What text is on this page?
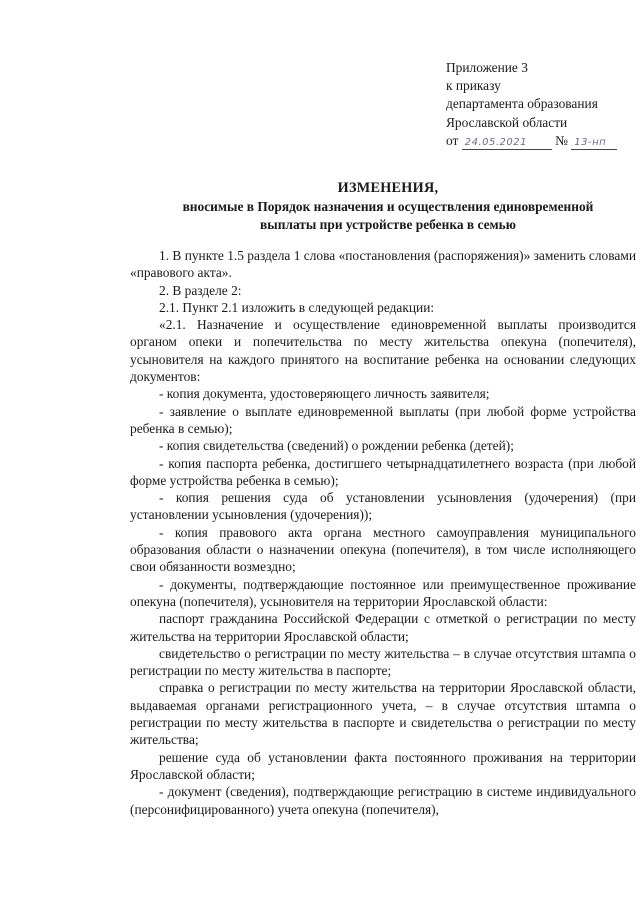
Приложение 3
к приказу
департамента образования
Ярославской области
от 24.05.2021 № 13-нп
ИЗМЕНЕНИЯ,
вносимые в Порядок назначения и осуществления единовременной
выплаты при устройстве ребенка в семью

1. В пункте 1.5 раздела 1 слова «постановления (распоряжения)» заменить словами «правового акта».

2. В разделе 2:

2.1. Пункт 2.1 изложить в следующей редакции:

«2.1. Назначение и осуществление единовременной выплаты производится органом опеки и попечительства по месту жительства опекуна (попечителя), усыновителя на каждого принятого на воспитание ребенка на основании следующих документов:

- копия документа, удостоверяющего личность заявителя;

- заявление о выплате единовременной выплаты (при любой форме устройства ребенка в семью);

- копия свидетельства (сведений) о рождении ребенка (детей);

- копия паспорта ребенка, достигшего четырнадцатилетнего возраста (при любой форме устройства ребенка в семью);

- копия решения суда об установлении усыновления (удочерения) (при установлении усыновления (удочерения));

- копия правового акта органа местного самоуправления муниципального образования области о назначении опекуна (попечителя), в том числе исполняющего свои обязанности возмездно;

- документы, подтверждающие постоянное или преимущественное проживание опекуна (попечителя), усыновителя на территории Ярославской области:

паспорт гражданина Российской Федерации с отметкой о регистрации по месту жительства на территории Ярославской области;

свидетельство о регистрации по месту жительства – в случае отсутствия штампа о регистрации по месту жительства в паспорте;

справка о регистрации по месту жительства на территории Ярославской области, выдаваемая органами регистрационного учета, – в случае отсутствия штампа о регистрации по месту жительства в паспорте и свидетельства о регистрации по месту жительства;

решение суда об установлении факта постоянного проживания на территории Ярославской области;

- документ (сведения), подтверждающие регистрацию в системе индивидуального (персонифицированного) учета опекуна (попечителя),
